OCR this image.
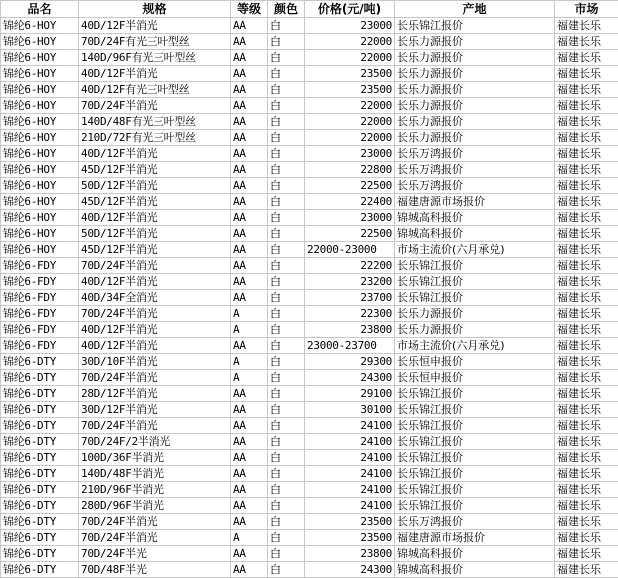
品名	规格	等级	颜色	价格(元/吨)	产地	市场
锦纶6-HOY	40D/12F半消光	AA	白	23000	长乐锦江报价	福建长乐
锦纶6-HOY	70D/24F有光三叶型丝	AA	白	22000	长乐力源报价	福建长乐
锦纶6-HOY	140D/96F有光三叶型丝	AA	白	22000	长乐力源报价	福建长乐
锦纶6-HOY	40D/12F半消光	AA	白	23500	长乐力源报价	福建长乐
锦纶6-HOY	40D/12F有光三叶型丝	AA	白	23500	长乐力源报价	福建长乐
锦纶6-HOY	70D/24F半消光	AA	白	22000	长乐力源报价	福建长乐
锦纶6-HOY	140D/48F有光三叶型丝	AA	白	22000	长乐力源报价	福建长乐
锦纶6-HOY	210D/72F有光三叶型丝	AA	白	22000	长乐力源报价	福建长乐
锦纶6-HOY	40D/12F半消光	AA	白	23000	长乐万鸿报价	福建长乐
锦纶6-HOY	45D/12F半消光	AA	白	22800	长乐万鸿报价	福建长乐
锦纶6-HOY	50D/12F半消光	AA	白	22500	长乐万鸿报价	福建长乐
锦纶6-HOY	45D/12F半消光	AA	白	22400	福建唐源市场报价	福建长乐
锦纶6-HOY	40D/12F半消光	AA	白	23000	锦城高科报价	福建长乐
锦纶6-HOY	50D/12F半消光	AA	白	22500	锦城高科报价	福建长乐
锦纶6-HOY	45D/12F半消光	AA	白	22000-23000	市场主流价(六月承兑)	福建长乐
锦纶6-FDY	70D/24F半消光	AA	白	22200	长乐锦江报价	福建长乐
锦纶6-FDY	40D/12F半消光	AA	白	23200	长乐锦江报价	福建长乐
锦纶6-FDY	40D/34F全消光	AA	白	23700	长乐锦江报价	福建长乐
锦纶6-FDY	70D/24F半消光	A	白	22300	长乐力源报价	福建长乐
锦纶6-FDY	40D/12F半消光	A	白	23800	长乐力源报价	福建长乐
锦纶6-FDY	40D/12F半消光	AA	白	23000-23700	市场主流价(六月承兑)	福建长乐
锦纶6-DTY	30D/10F半消光	A	白	29300	长乐恒申报价	福建长乐
锦纶6-DTY	70D/24F半消光	A	白	24300	长乐恒申报价	福建长乐
锦纶6-DTY	28D/12F半消光	AA	白	29100	长乐锦江报价	福建长乐
锦纶6-DTY	30D/12F半消光	AA	白	30100	长乐锦江报价	福建长乐
锦纶6-DTY	70D/24F半消光	AA	白	24100	长乐锦江报价	福建长乐
锦纶6-DTY	70D/24F/2半消光	AA	白	24100	长乐锦江报价	福建长乐
锦纶6-DTY	100D/36F半消光	AA	白	24100	长乐锦江报价	福建长乐
锦纶6-DTY	140D/48F半消光	AA	白	24100	长乐锦江报价	福建长乐
锦纶6-DTY	210D/96F半消光	AA	白	24100	长乐锦江报价	福建长乐
锦纶6-DTY	280D/96F半消光	AA	白	24100	长乐锦江报价	福建长乐
锦纶6-DTY	70D/24F半消光	AA	白	23500	长乐万鸿报价	福建长乐
锦纶6-DTY	70D/24F半消光	A	白	23500	福建唐源市场报价	福建长乐
锦纶6-DTY	70D/24F半光	AA	白	23800	锦城高科报价	福建长乐
锦纶6-DTY	70D/48F半光	AA	白	24300	锦城高科报价	福建长乐
